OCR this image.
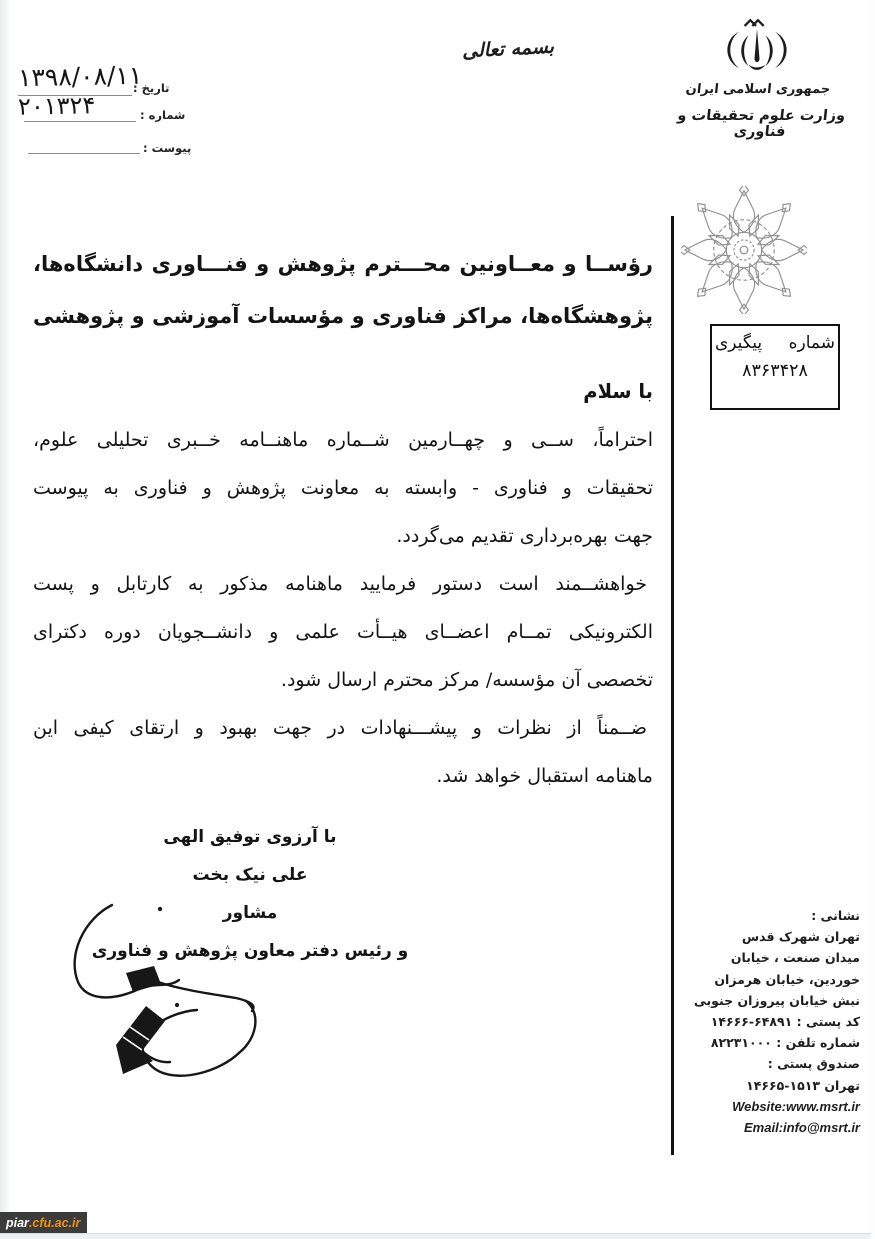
۱۳۹۸/۰۸/۱۱
تاریخ :
۲۰۱۳۲۴	شماره :
پیوست :
بسمه تعالی
جمهوری اسلامی ایران
وزارت علوم تحقیقات و فناوری
شماره پیگیری
۸۳۶۳۴۲۸
رؤســا و معــاونین محـــترم پژوهش و فنـــاوری دانشگاه‌ها،
پژوهشگاه‌ها، مراکز فناوری و مؤسسات آموزشی و پژوهشی
با سلام
احتراماً، ســی و چهــارمین شــماره ماهنــامه خــبری تحلیلی علوم،
تحقیقات و فناوری - وابسته به معاونت پژوهش و فناوری به پیوست
جهت بهره‌برداری تقدیم می‌گردد.
خواهشــمند است دستور فرمایید ماهنامه مذکور به کارتابل و پست
الکترونیکی تمــام اعضــای هیــأت علمی و دانشــجویان دوره دکترای
تخصصی آن مؤسسه/ مرکز محترم ارسال شود.
ضــمناً از نظرات و پیشـــنهادات در جهت بهبود و ارتقای کیفی این
ماهنامه استقبال خواهد شد.
با آرزوی توفیق الهی
علی نیک بخت
مشاور
و رئیس دفتر معاون پژوهش و فناوری
نشانی :
تهران شهرک قدس
میدان صنعت ، خیابان
خوردین، خیابان هرمزان
نبش خیابان پیروزان جنوبی
کد پستی : ۶۴۸۹۱-۱۴۶۶۶
شماره تلفن : ۸۲۲۳۱۰۰۰
صندوق پستی :
تهران ۱۵۱۳-۱۴۶۶۵
Website:www.msrt.ir
Email:info@msrt.ir
piar .cfu.ac.ir
